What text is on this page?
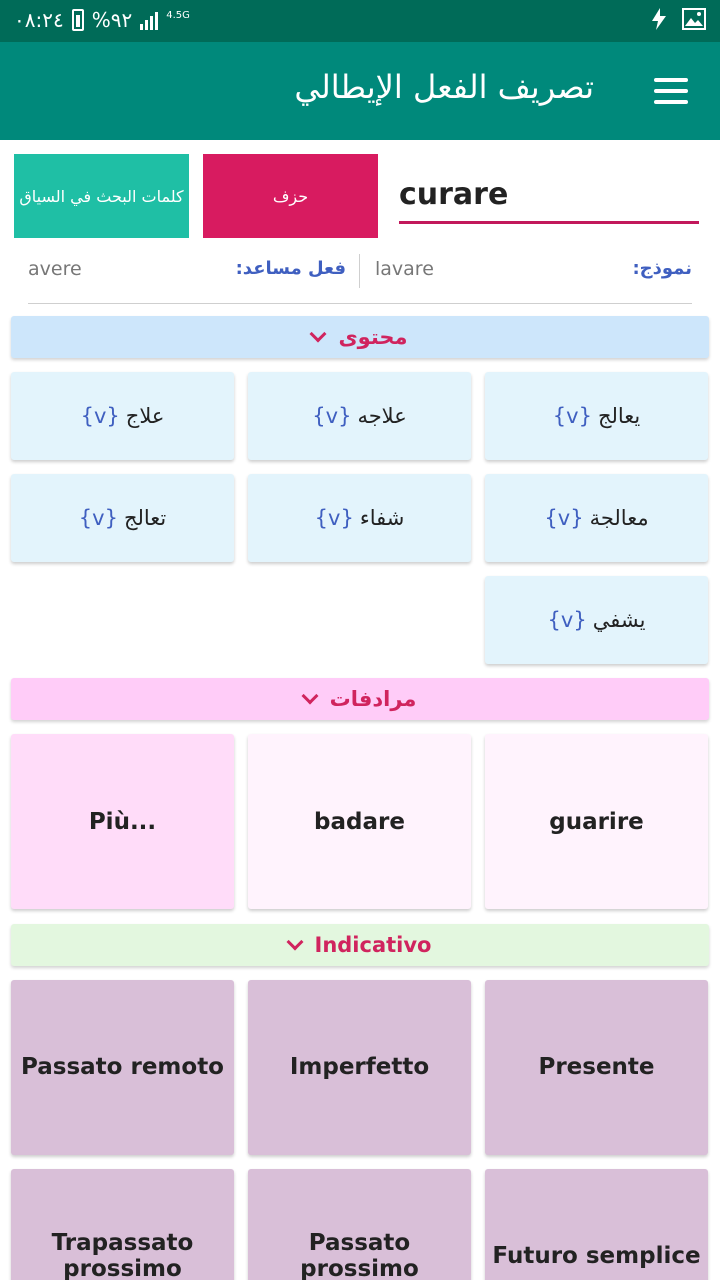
٠٨:٢٤ %٩٢	4.5G
تصريف الفعل الإيطالي
كلمات البحث في السياق	حزف
curare
avere	فعل مساعد: lavare	نموذج:
محتوى
يعالج
{v}
علاجه
{v}
علاج
{v}
معالجة
{v}
شفاء
{v}
تعالج
{v}
يشفي
{v}
مرادفات
guarire
badare
Più...
Indicativo
Presente
Imperfetto
Passato remoto
Futuro semplice
Passato prossimo
Trapassato prossimo
